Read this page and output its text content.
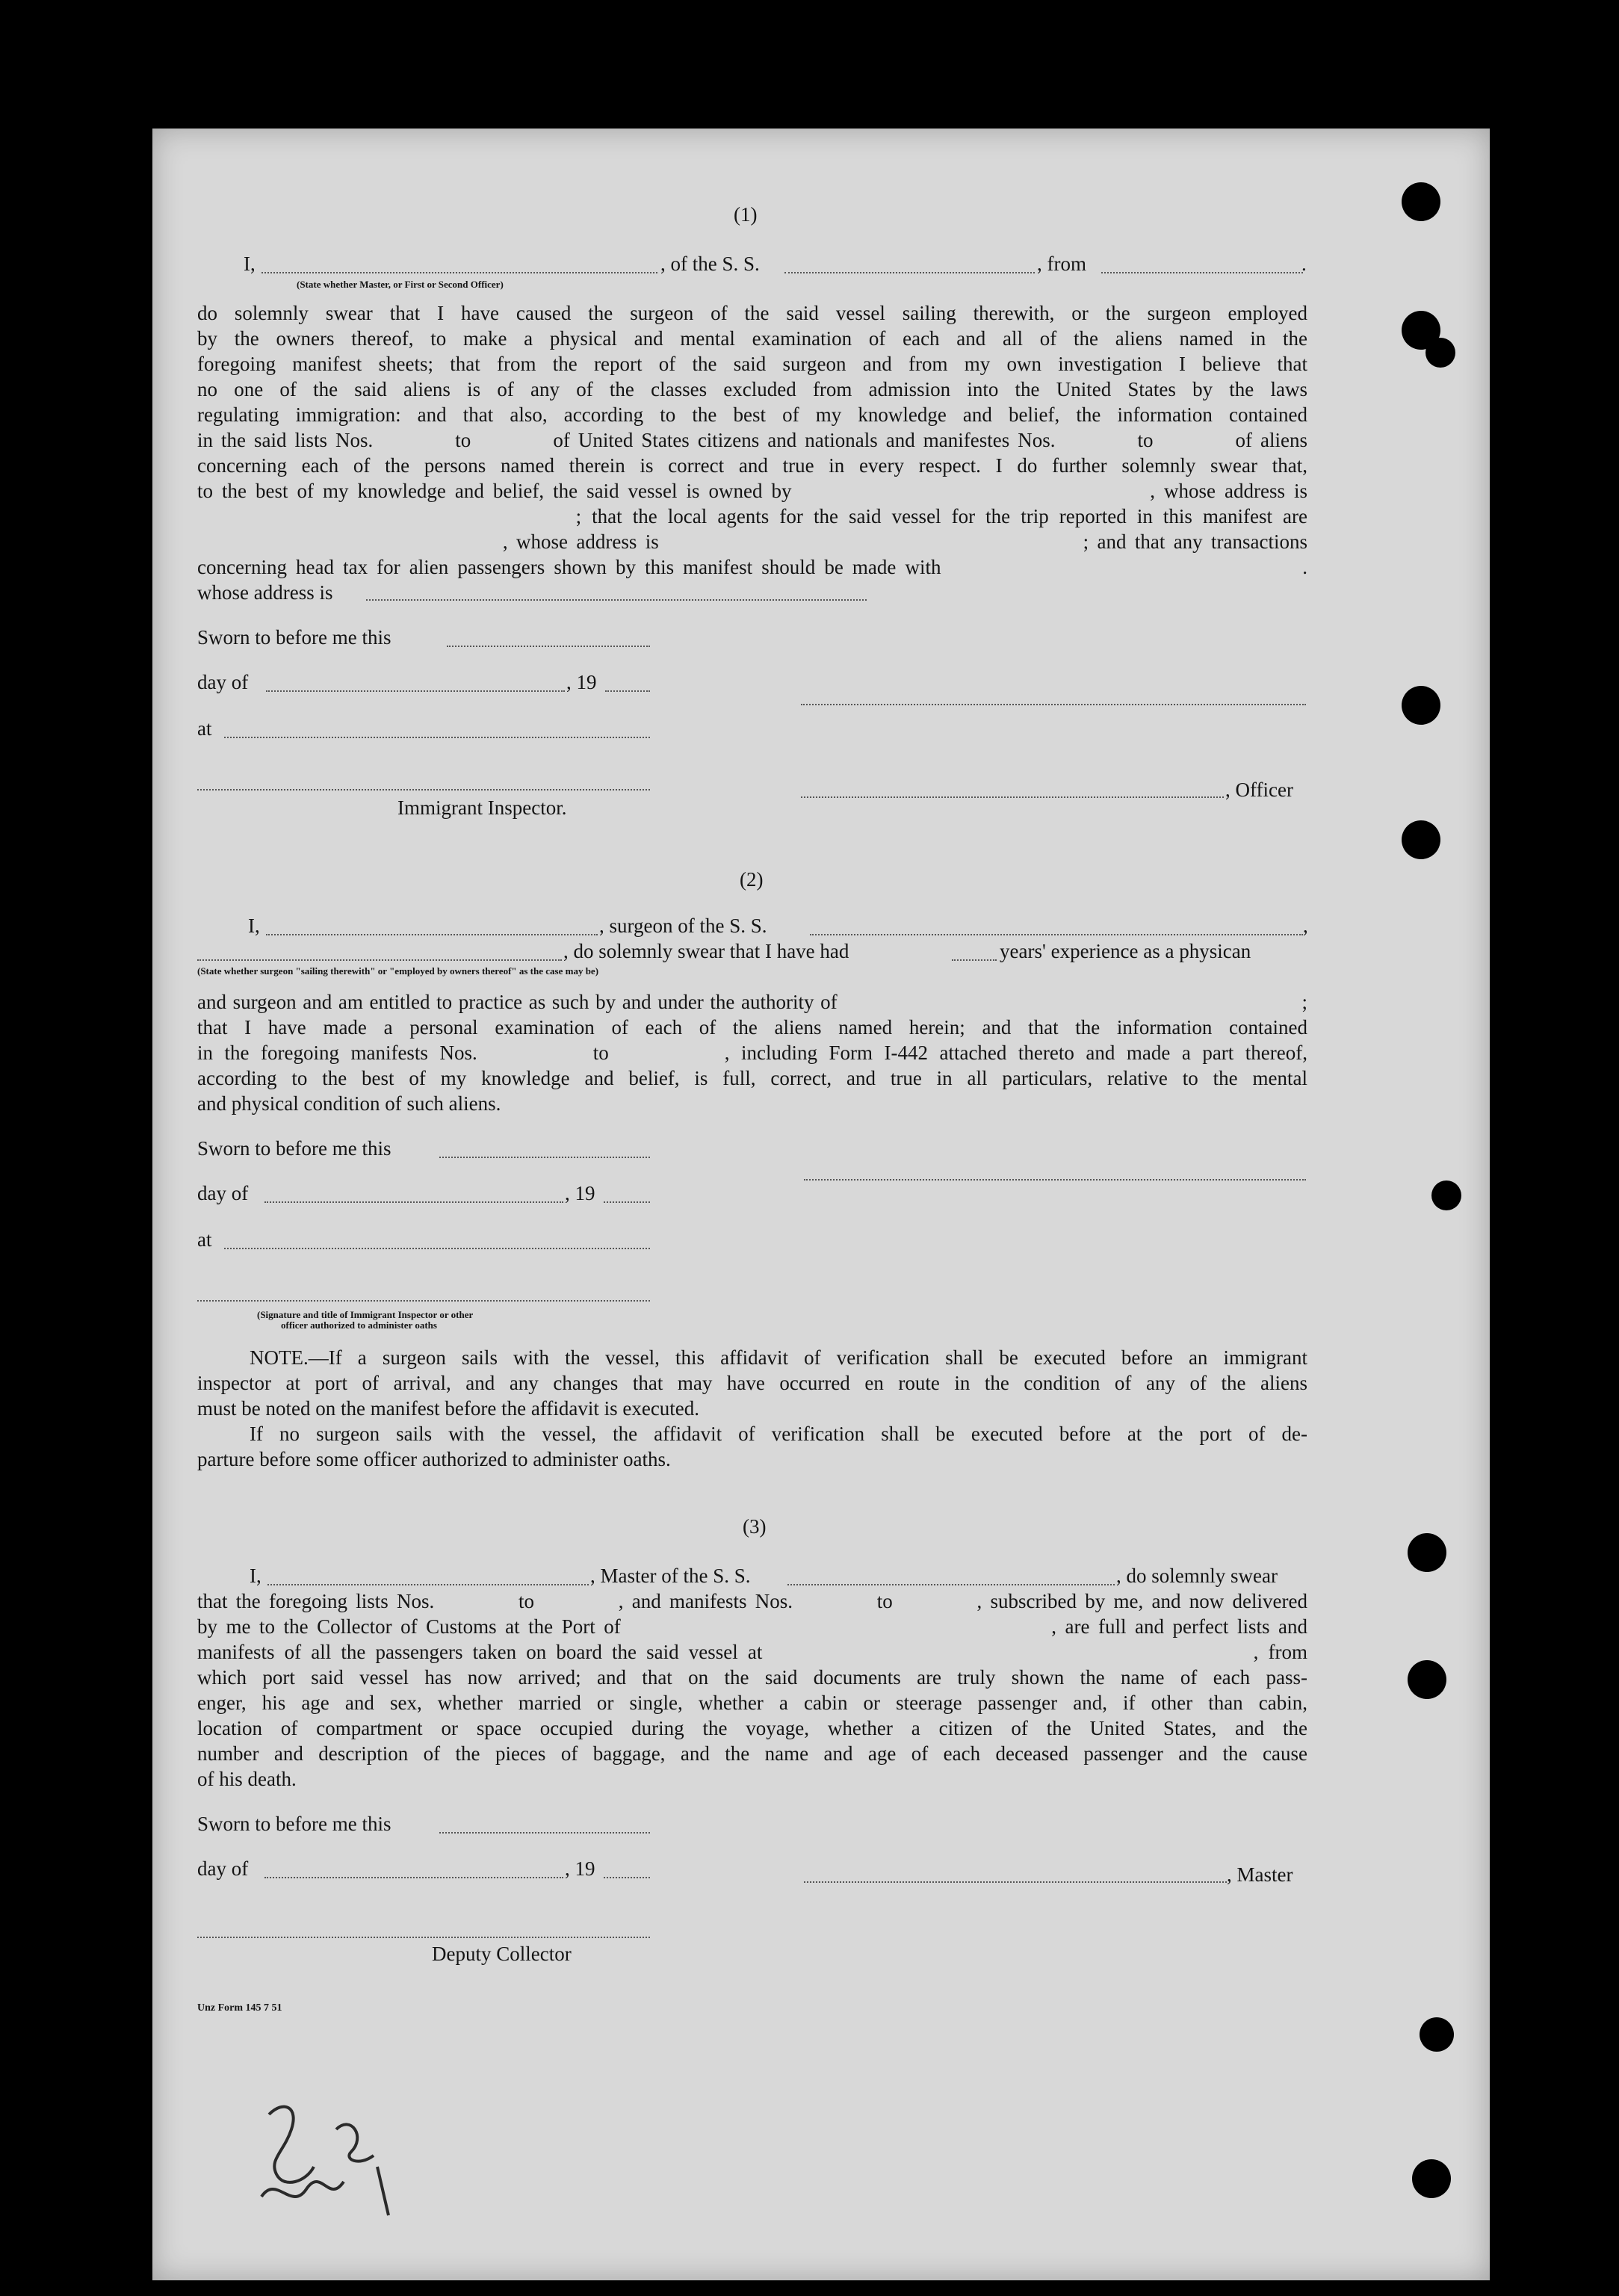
(1)
I,	, of the S. S.	, from	.
(State whether Master, or First or Second Officer)
do solemnly swear that I have caused the surgeon of the said vessel sailing therewith, or the surgeon employed
by the owners thereof, to make a physical and mental examination of each and all of the aliens named in the
foregoing manifest sheets; that from the report of the said surgeon and from my own investigation I believe that
no one of the said aliens is of any of the classes excluded from admission into the United States by the laws
regulating immigration: and that also, according to the best of my knowledge and belief, the information contained
in the said lists Nos.          to          of United States citizens and nationals and manifestes Nos.          to          of aliens
concerning each of the persons named therein is correct and true in every respect. I do further solemnly swear that,
to the best of my knowledge and belief, the said vessel is owned by                                        , whose address is
; that the local agents for the said vessel for the trip reported in this manifest are
, whose address is                                                  ; and that any transactions
concerning head tax for alien passengers shown by this manifest should be made with                                        .
whose address is
Sworn to before me this
day of	, 19
at
, Officer
Immigrant Inspector.
(2)
I,	, surgeon of the S. S.	,
, do solemnly swear that I have had	years' experience as a physican
(State whether surgeon "sailing therewith" or "employed by owners thereof" as the case may be)
and surgeon and am entitled to practice as such by and under the authority of                                                                        ;
that I have made a personal examination of each of the aliens named herein; and that the information contained
in the foregoing manifests Nos.          to          , including Form I-442 attached thereto and made a part thereof,
according to the best of my knowledge and belief, is full, correct, and true in all particulars, relative to the mental
and physical condition of such aliens.
Sworn to before me this
day of	, 19
at
(Signature and title of Immigrant Inspector or other
officer authorized to administer oaths
NOTE.—If a surgeon sails with the vessel, this affidavit of verification shall be executed before an immigrant
inspector at port of arrival, and any changes that may have occurred en route in the condition of any of the aliens
must be noted on the manifest before the affidavit is executed.
If no surgeon sails with the vessel, the affidavit of verification shall be executed before at the port of de-
parture before some officer authorized to administer oaths.
(3)
I,	, Master of the S. S.	, do solemnly swear
that the foregoing lists Nos.          to          , and manifests Nos.          to          , subscribed by me, and now delivered
by me to the Collector of Customs at the Port of                                                  , are full and perfect lists and
manifests of all the passengers taken on board the said vessel at                                                  , from
which port said vessel has now arrived; and that on the said documents are truly shown the name of each pass-
enger, his age and sex, whether married or single, whether a cabin or steerage passenger and, if other than cabin,
location of compartment or space occupied during the voyage, whether a citizen of the United States, and the
number and description of the pieces of baggage, and the name and age of each deceased passenger and the cause
of his death.
Sworn to before me this
day of	, 19	, Master
Deputy Collector
Unz Form 145 7 51
